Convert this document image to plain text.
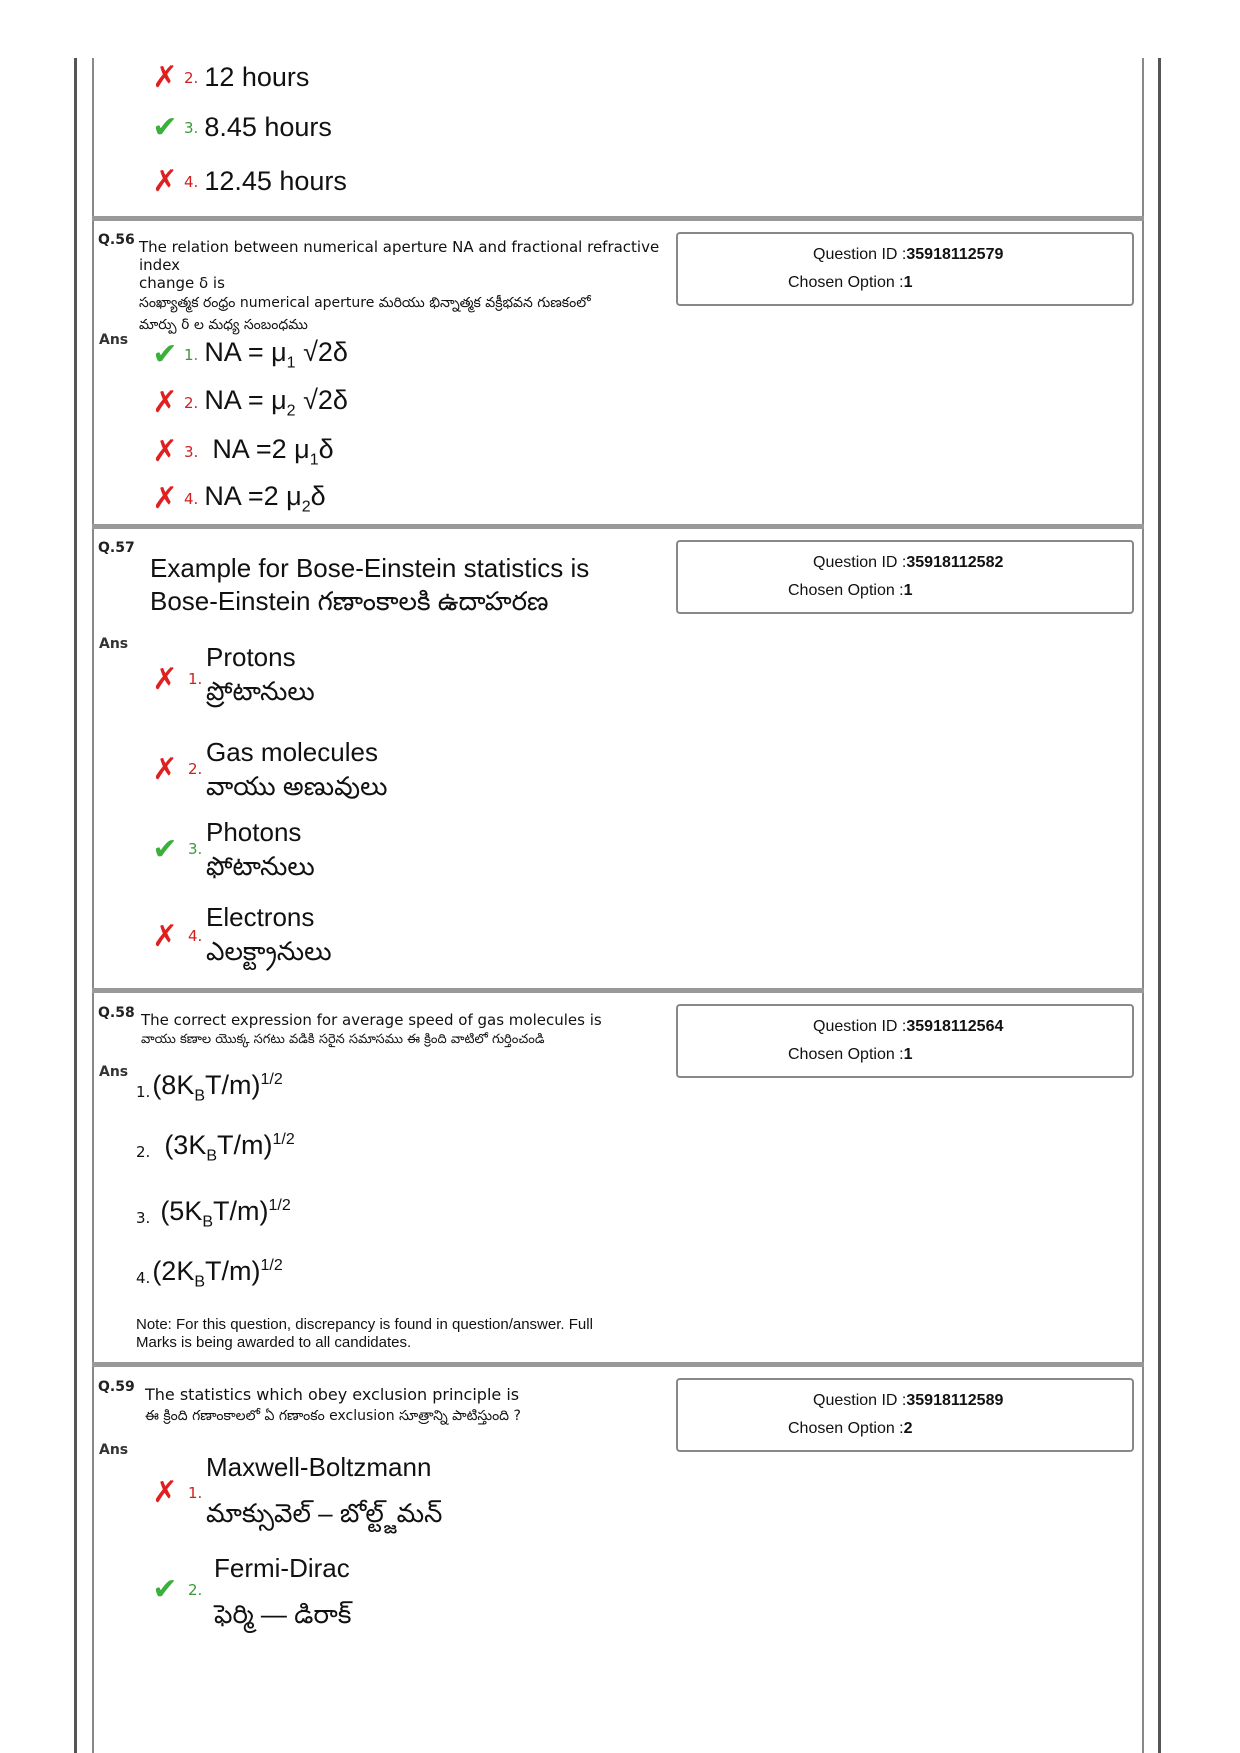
✗ 2. 12 hours
✔ 3. 8.45 hours
✗ 4. 12.45 hours
Q.56 The relation between numerical aperture NA and fractional refractive index
change δ is
సంఖ్యాత్మక రంధ్రం numerical aperture మరియు భిన్నాత్మక వక్రీభవన గుణకంలో
మార్పు δ ల మధ్య సంబంధము
Question ID :35918112579
Chosen Option :1
Ans ✔ 1. NA = $\mu_1$ √2δ
✗ 2. NA = $\mu_2$ √2δ
✗ 3. NA =2 $\mu_1\delta$
✗ 4. NA =2 $\mu_2\delta$
Q.57
Example for Bose-Einstein statistics is
Bose-Einstein గణాంకాలకి ఉదాహరణ
Question ID :35918112582
Chosen Option :1
Ans
✗ 1.
Protons
ప్రోటానులు
✗ 2.
Gas molecules
వాయు అణువులు
✔ 3.
Photons
ఫోటానులు
✗ 4.
Electrons
ఎలక్ట్రానులు
Q.58 The correct expression for average speed of gas molecules is
వాయు కణాల యొక్క సగటు వడికి సరైన సమాసము ఈ క్రింది వాటిలో గుర్తించండి
Question ID :35918112564
Chosen Option :1
Ans
1. $(8K_BT/m)^{1/2}$
2. $(3K_BT/m)^{1/2}$
3. $(5K_BT/m)^{1/2}$
4. $(2K_BT/m)^{1/2}$
Note: For this question, discrepancy is found in question/answer. Full
Marks is being awarded to all candidates.
Q.59 The statistics which obey exclusion principle is
ఈ క్రింది గణాంకాలలో ఏ గణాంకం exclusion సూత్రాన్ని పాటిస్తుంది ?
Question ID :35918112589
Chosen Option :2
Ans
✗ 1.
Maxwell-Boltzmann
మాక్సువెల్ – బోల్ట్జ్‌మన్
✔ 2.
Fermi-Dirac
ఫెర్మి — డిరాక్
